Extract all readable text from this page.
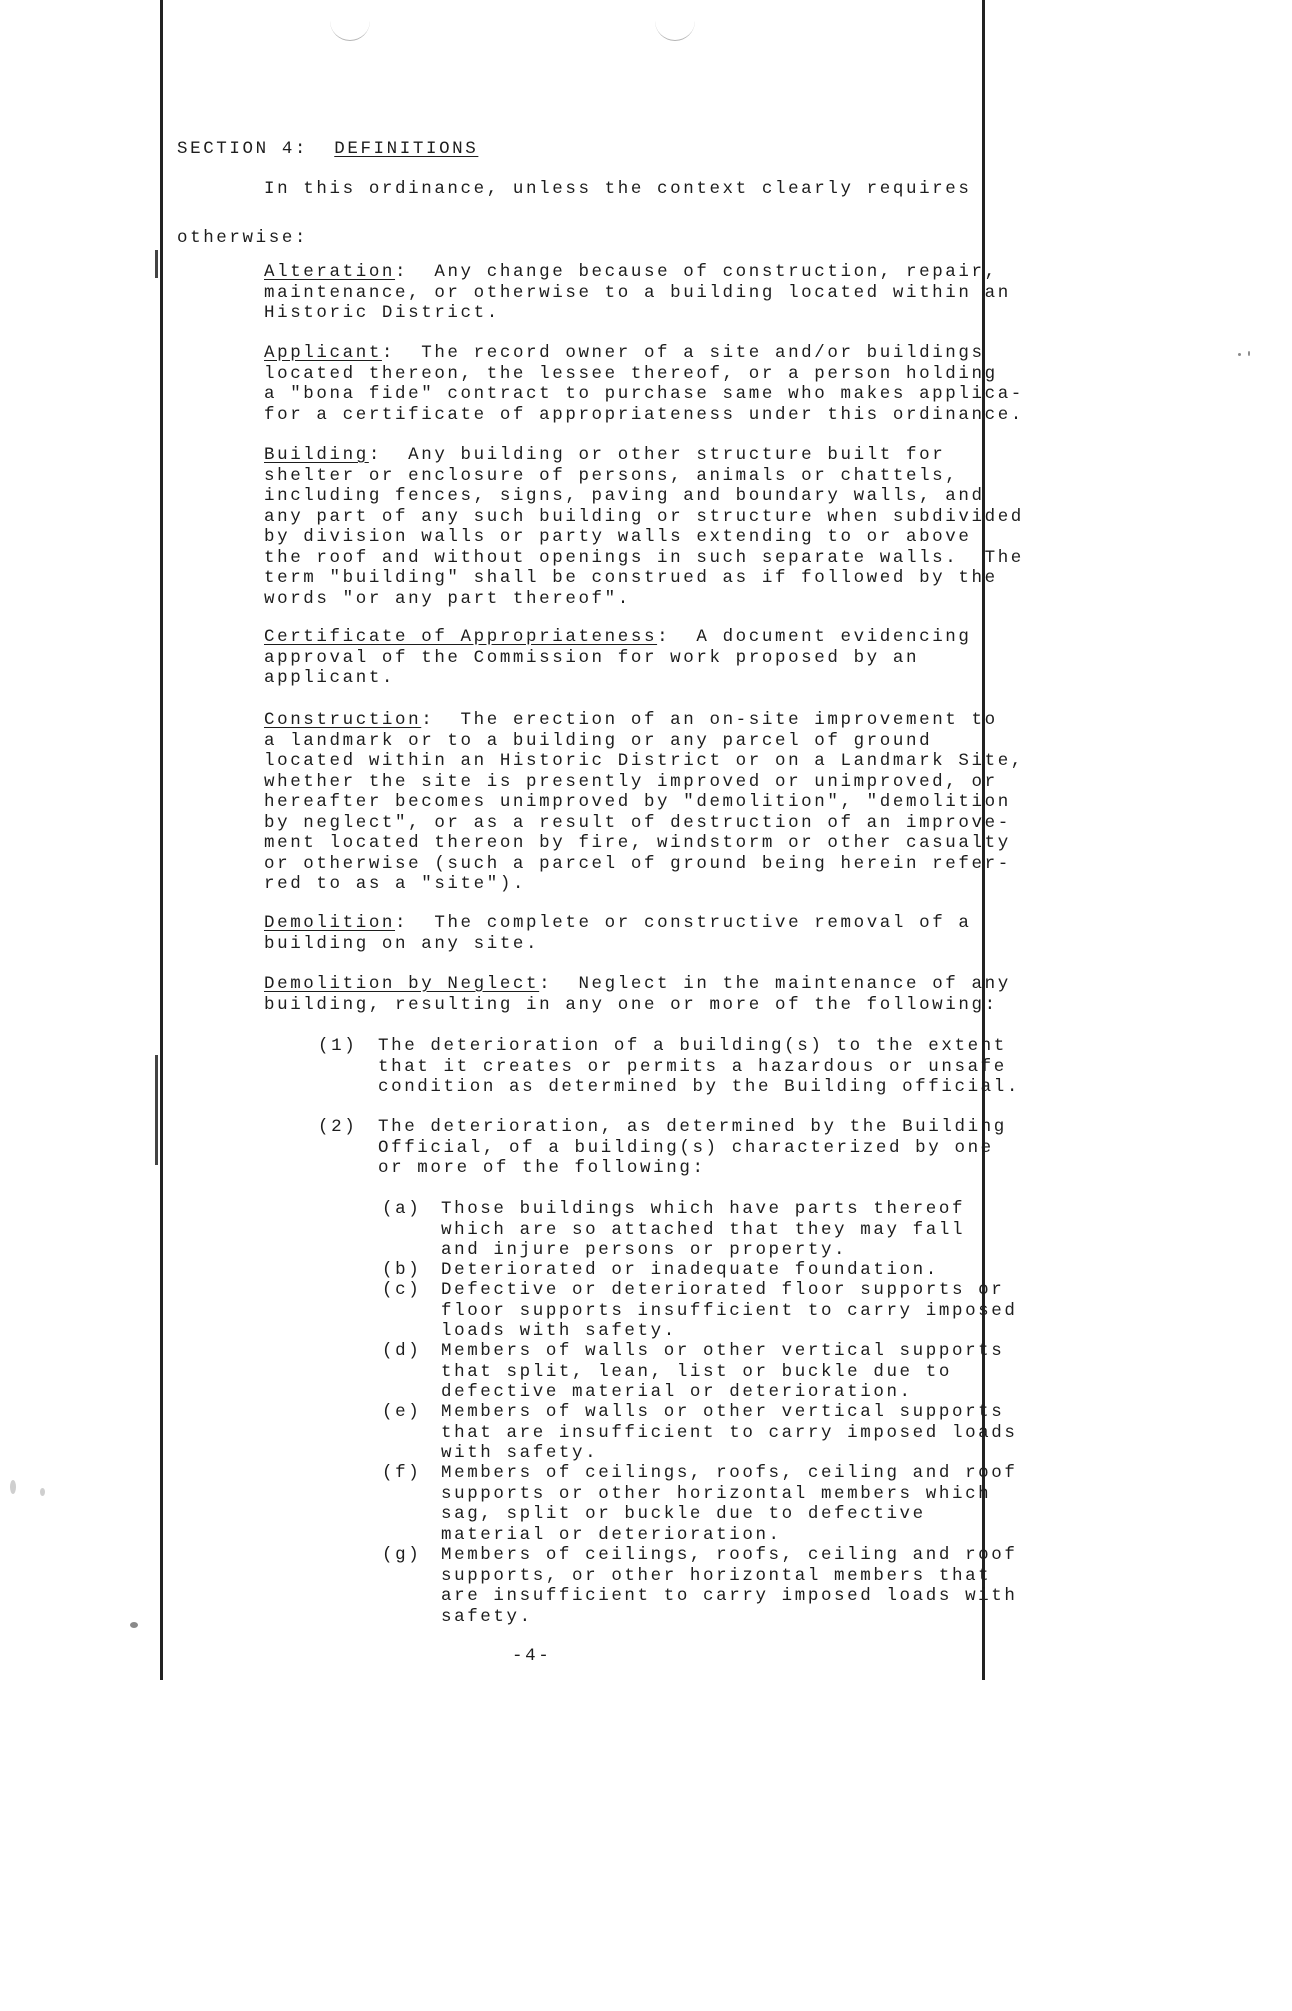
SECTION 4: DEFINITIONS
In this ordinance, unless the context clearly requires
otherwise:
Alteration:  Any change because of construction, repair,
maintenance, or otherwise to a building located within an
Historic District.
Applicant:  The record owner of a site and/or buildings
located thereon, the lessee thereof, or a person holding
a "bona fide" contract to purchase same who makes applica-
for a certificate of appropriateness under this ordinance.
Building:  Any building or other structure built for
shelter or enclosure of persons, animals or chattels,
including fences, signs, paving and boundary walls, and
any part of any such building or structure when subdivided
by division walls or party walls extending to or above
the roof and without openings in such separate walls.  The
term "building" shall be construed as if followed by the
words "or any part thereof".
Certificate of Appropriateness:  A document evidencing
approval of the Commission for work proposed by an
applicant.
Construction:  The erection of an on-site improvement to
a landmark or to a building or any parcel of ground
located within an Historic District or on a Landmark Site,
whether the site is presently improved or unimproved, or
hereafter becomes unimproved by "demolition", "demolition
by neglect", or as a result of destruction of an improve-
ment located thereon by fire, windstorm or other casualty
or otherwise (such a parcel of ground being herein refer-
red to as a "site").
Demolition:  The complete or constructive removal of a
building on any site.
Demolition by Neglect:  Neglect in the maintenance of any
building, resulting in any one or more of the following:
(1) The deterioration of a building(s) to the extent
that it creates or permits a hazardous or unsafe
condition as determined by the Building official.
(2) The deterioration, as determined by the Building
Official, of a building(s) characterized by one
or more of the following:
(a) Those buildings which have parts thereof
which are so attached that they may fall
and injure persons or property.
(b) Deteriorated or inadequate foundation.
(c) Defective or deteriorated floor supports or
floor supports insufficient to carry imposed
loads with safety.
(d) Members of walls or other vertical supports
that split, lean, list or buckle due to
defective material or deterioration.
(e) Members of walls or other vertical supports
that are insufficient to carry imposed loads
with safety.
(f) Members of ceilings, roofs, ceiling and roof
supports or other horizontal members which
sag, split or buckle due to defective
material or deterioration.
(g) Members of ceilings, roofs, ceiling and roof
supports, or other horizontal members that
are insufficient to carry imposed loads with
safety.
-4-
